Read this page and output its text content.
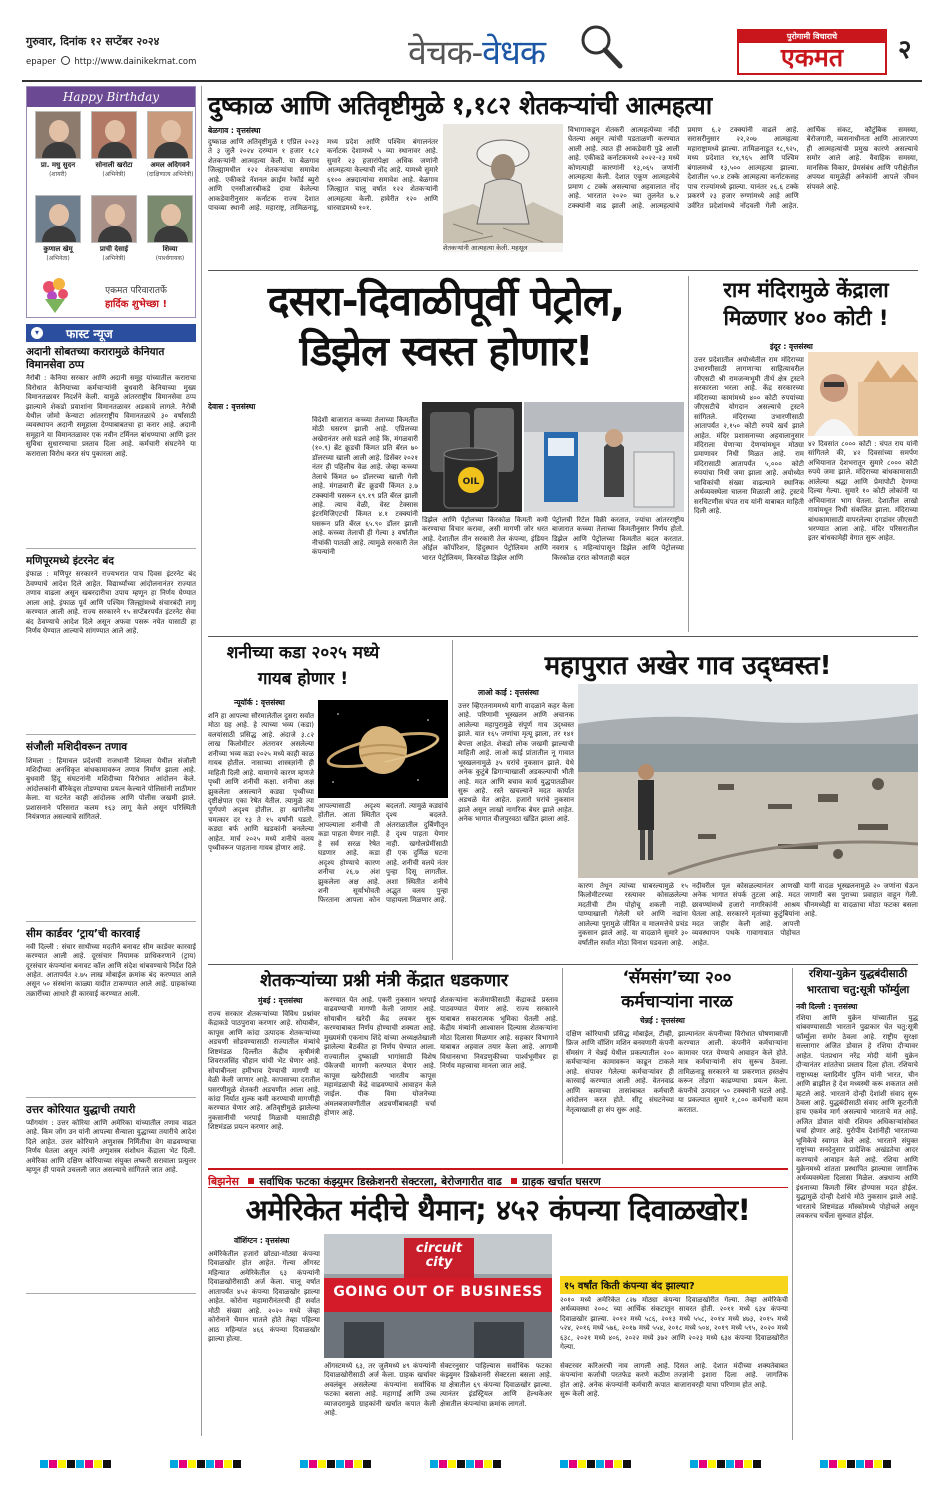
गुरुवार, दिनांक १२ सप्टेंबर २०२४
epaper http://www.dainikekmat.com	वेचक-वेधक	पुरोगामी विचाराचे
एकमत	२
Happy Birthday
प्रा. मधु सुदन
(शायरी)
सोनाली खरोटा
(अभिनेत्री)
अमल अदिगवने
(दाक्षिणात्य अभिनेत्री)
कुणाल खेमू
(अभिनेता)
प्राची देसाई
(अभिनेत्री)
शिव्या
(पार्श्वगायक)
एकमत परिवारातर्फे
हार्दिक शुभेच्छा !
▾	फास्ट न्यूज
अदानी सोबतच्या करारामुळे केनियात विमानसेवा ठप्प
नैरोबी : केनिया सरकार आणि अदानी समूह यांच्यातील कराराचा विरोधात केनियाच्या कर्मचाऱ्यांनी बुधवारी केनियाच्या मुख्य विमानतळावर निदर्शने केली. यामुळे आंतरराष्ट्रीय विमानसेवा ठप्प झाल्याने शेकडो प्रवाशांना विमानतळावर अडकावे लागले. नैरोबी येथील जोमो केन्याटा आंतरराष्ट्रीय विमानतळाचे ३० वर्षांसाठी व्यवस्थापन अदानी समूहाला देण्याबाबतचा हा करार आहे. अदानी समूहाने या विमानतळावर एक नवीन टर्मिनल बांधण्याचा आणि इतर सुविधा सुधारण्याचा प्रस्ताव दिला आहे. कर्मचारी संघटनेने या कराराला विरोध करत संप पुकारला आहे.
मणिपूरमध्ये इंटरनेट बंद
इंफाळ : मणिपूर सरकारने राज्यभरात पाच दिवस इंटरनेट बंद ठेवण्याचे आदेश दिले आहेत. विद्यार्थ्यांच्या आंदोलनानंतर राज्यात तणाव वाढला असून खबरदारीचा उपाय म्हणून हा निर्णय घेण्यात आला आहे. इंफाळ पूर्व आणि पश्चिम जिल्ह्यांमध्ये संचारबंदी लागू करण्यात आली आहे. राज्य सरकारने १५ सप्टेंबरपर्यंत इंटरनेट सेवा बंद ठेवण्याचे आदेश दिले असून अफवा पसरू नयेत यासाठी हा निर्णय घेण्यात आल्याचे सांगण्यात आले आहे.
संजौली मशिदीवरून तणाव
शिमला : हिमाचल प्रदेशची राजधानी शिमला येथील संजौली मशिदीच्या अनधिकृत बांधकामावरून तणाव निर्माण झाला आहे. बुधवारी हिंदू संघटनांनी मशिदीच्या विरोधात आंदोलन केले. आंदोलकांनी बॅरिकेड्स तोडण्याचा प्रयत्न केल्याने पोलिसांनी लाठीमार केला. या घटनेत काही आंदोलक आणि पोलीस जखमी झाले. प्रशासनाने परिसरात कलम १६३ लागू केले असून परिस्थिती नियंत्रणात असल्याचे सांगितले.
सीम कार्डवर ‘ट्राय’ची कारवाई
नवी दिल्ली : संचार साथीच्या मदतीने बनावट सीम कार्डवर कारवाई करण्यात आली आहे. दूरसंचार नियामक प्राधिकरणाने (ट्राय) दूरसंचार कंपन्यांना बनावट कॉल आणि संदेश थांबवण्याचे निर्देश दिले आहेत. आतापर्यंत २.७५ लाख मोबाईल क्रमांक बंद करण्यात आले असून ५० संस्थांना काळ्या यादीत टाकण्यात आले आहे. ग्राहकांच्या तक्रारींच्या आधारे ही कारवाई करण्यात आली.
उत्तर कोरियात युद्धाची तयारी
प्योंगयांग : उत्तर कोरिया आणि अमेरिका यांच्यातील तणाव वाढत आहे. किम जोंग उन यांनी आपल्या सैन्याला युद्धाच्या तयारीचे आदेश दिले आहेत. उत्तर कोरियाने अणुशस्त्र निर्मितीचा वेग वाढवण्याचा निर्णय घेतला असून त्यांनी अणुशस्त्र संशोधन केंद्राला भेट दिली. अमेरिका आणि दक्षिण कोरियाच्या संयुक्त लष्करी सरावाला प्रत्युत्तर म्हणून ही पावले उचलली जात असल्याचे सांगितले जात आहे.
दुष्काळ आणि अतिवृष्टीमुळे १,१८२ शेतकऱ्यांची आत्महत्या
बेळगाव : वृत्तसंस्था
दुष्काळ आणि अतिवृष्टीमुळे १ एप्रिल २०२३ ते ३ जुलै २०२४ दरम्यान १ हजार १८२ शेतकऱ्यांनी आत्महत्या केली. या बेळगाव जिल्ह्यामधील १२२ शेतकऱ्यांचा समावेश आहे. एकीकडे नॅशनल क्राईम रेकॉर्ड ब्युरो आणि एनसीआरबीकडे दावा केलेल्या आकडेवारीनुसार कर्नाटक राज्य देशात पाचव्या स्थानी आहे. महाराष्ट्र, तामिळनाडू, मध्य प्रदेश आणि पश्चिम बंगालनंतर कर्नाटक देशामध्ये ५ व्या स्थानावर आहे. सुमारे २३ हजारांपेक्षा अधिक जणांनी आत्महत्या केल्याची नोंद आहे. यामध्ये सुमारे ६१०० अन्नदात्यांचा समावेश आहे. बेळगाव जिल्ह्यात चालू वर्षात १२२ शेतकऱ्यांनी आत्महत्या केली. हावेरीत १२० आणि धारवाडमध्ये १०१.
शेतकऱ्यांनी आत्महत्या केली. महसूल
विभागाकडून शेतकरी आत्महत्येच्या नोंदी घेतल्या असून त्यांची पडताळणी करण्यात आली आहे. त्यात ही आकडेवारी पुढे आली आहे. एकीकडे कर्नाटकमध्ये २०२२-२३ मध्ये कोणत्याही कारणांनी १३,०६५ जणांनी आत्महत्या केली. देशात एकूण आत्महत्येचे प्रमाण ८ टक्के असल्याचा अहवालात नोंद आहे. भारतात २०२० च्या तुलनेत ७.२ टक्क्यांनी वाढ झाली आहे. आत्महत्यांचे प्रमाण ६.२ टक्क्यांनी वाढले आहे. सरासरीनुसार २२,२०७ आत्महत्या महाराष्ट्रामध्ये झाल्या. तामिळनाडूत १८,९२५, मध्य प्रदेशात १४,९६५ आणि पश्चिम बंगालमध्ये १३,५०० आत्महत्या झाल्या. देशातील ५०.४ टक्के आत्महत्या कर्नाटकसह पाच राज्यांमध्ये झाल्या. यानंतर २६.६ टक्के प्रकरणे २३ हजार रुग्णांमध्ये आहे आणि उर्वरित प्रदेशांमध्ये नोंदवली गेली आहेत. आर्थिक संकट, कौटुंबिक समस्या, बेरोजगारी, व्यसनाधीनता आणि आजारपण ही आत्महत्यांची प्रमुख कारणे असल्याचे समोर आले आहे. वैवाहिक समस्या, मानसिक विकार, प्रेमसंबंध आणि परीक्षेतील अपयश यामुळेही अनेकांनी आपले जीवन संपवले आहे.
दसरा-दिवाळीपूर्वी पेट्रोल,
डिझेल स्वस्त होणार!
देवास : वृत्तसंस्था
विदेशी बाजारात कच्च्या तेलाच्या किमतीत मोठी घसरण झाली आहे. एप्रिलच्या अखेरानंतर असे घडले आहे कि, मंगळवारी (१०.९) ब्रेंट क्रूडची किंमत प्रति बॅरल ७० डॉलरच्या खाली आली आहे. डिसेंबर २०२१ नंतर ही पहिलीच वेळ आहे. जेव्हा कच्च्या तेलाचे किंमत ७० डॉलरच्या खाली गेली आहे. मंगळवारी ब्रेंट क्रूडची किंमत ३.७ टक्क्यांनी घसरून ६९.१९ प्रति बॅरल झाली आहे. त्याच वेळी, वेस्ट टेक्सास इंटरमिजिएटची किंमत ४.१ टक्क्यांनी घसरून प्रति बॅरल ६५.९० डॉलर झाली आहे. कच्च्या तेलाची ही गेल्या ३ वर्षांतील नीचांकी पातळी आहे. त्यामुळे सरकारी तेल कंपन्यांनी
OIL
डिझेल आणि पेट्रोलच्या किरकोळ किमती कमी करण्याचा विचार करावा, असी मागणी जोर धरत आहे. देशातील तीन सरकारी तेल कंपन्या, इंडियन ऑईल कॉर्पोरेशन, हिंदुस्थान पेट्रोलियम आणि भारत पेट्रोलियम, किरकोळ डिझेल आणि
पेट्रोलची रिटेल विक्री करतात, ज्यांचा आंतरराष्ट्रीय बाजारात कच्च्या तेलाच्या किमतीनुसार निर्णय होतो. डिझेल आणि पेट्रोलच्या किमतीत बदल करतात. नवरात्र ६ महिन्यांपासून डिझेल आणि पेट्रोलच्या किरकोळ दरात कोणताही बदल
राम मंदिरामुळे केंद्राला
मिळणार ४०० कोटी !
इंदूर : वृत्तसंस्था
उत्तर प्रदेशातील अयोध्येतील राम मंदिराच्या उभारणीसाठी लागणाऱ्या साहित्यावरील जीएसटी श्री रामजन्मभूमी तीर्थ क्षेत्र ट्रस्टने सरकारला भरला आहे. केंद्र सरकारच्या मंदिराच्या कामांमध्ये ४०० कोटी रुपयांच्या जीएसटीचे योगदान असल्याचे ट्रस्टने सांगितले. मंदिराच्या उभारणीसाठी आतापर्यंत २,१५० कोटी रुपये खर्च झाले आहेत. मंदिर प्रशासनाच्या अहवालानुसार मंदिराला येणाऱ्या देणग्यांमधून मोठ्या प्रमाणावर निधी मिळत आहे. राम मंदिरासाठी आतापर्यंत ५,००० कोटी रुपयांचा निधी जमा झाला आहे. अयोध्येत भाविकांची संख्या वाढल्याने स्थानिक अर्थव्यवस्थेला चालना मिळाली आहे. ट्रस्टचे सरचिटणीस चंपत राय यांनी याबाबत माहिती दिली आहे.
४२ दिवसांत ८००० कोटी : चंपत राय यांनी सांगितले की, ४२ दिवसांच्या समर्पण अभियानात देशभरातून सुमारे ८००० कोटी रुपये जमा झाले. मंदिराच्या बांधकामासाठी आलेल्या श्रद्धा आणि प्रेमापोटी देणग्या दिल्या गेल्या. सुमारे १० कोटी लोकांनी या अभियानात भाग घेतला. देशातील लाखो गावांमधून निधी संकलित झाला. मंदिराच्या बांधकामासाठी वापरलेल्या दगडांवर जीएसटी भरण्यात आला आहे. मंदिर परिसरातील इतर बांधकामेही वेगात सुरू आहेत.
शनीच्या कडा २०२५ मध्ये
गायब होणार !
न्यूयॉर्क : वृत्तसंस्था
शनि हा आपल्या सौरमालेतील दुसरा सर्वात मोठा ग्रह आहे. हे त्याच्या भव्य (कडा) वलयांसाठी प्रसिद्ध आहे. अंदाजे ३.८२ लाख किलोमीटर अंतरावर असलेल्या शनीच्या भव्य कडा २०२५ मध्ये काही काळ गायब होतील. नासाच्या शास्त्रज्ञांनी ही माहिती दिली आहे. यामागचे कारण म्हणजे पृथ्वी आणि शनीची कक्षा. शनीचा अक्ष झुकलेला असल्याने कड्या पृथ्वीच्या दृष्टीक्षेपात एका रेषेत येतील. त्यामुळे त्या पूर्णपणे अदृश्य होतील. हा खगोलीय चमत्कार दर १३ ते १५ वर्षांनी घडतो. कड्या बर्फ आणि खडकांनी बनलेल्या आहेत. मार्च २०२५ मध्ये शनीचे वलय पृथ्वीवरून पाहताना गायब होणार आहे.
आपल्यासाठी अदृश्य होतील. आता स्थितीत आपल्याला शनीची ती कडा पाहता येणार नाही. हे सर्व सरळ रेषेत घडणार आहे. कडा अदृश्य होण्याचे कारण शनीचा २६.७ अंश झुकलेला अक्ष आहे. शनी सूर्याभोवती फिरताना आपला कोन बदलतो. त्यामुळे कड्यांचे दृश्य बदलते. अंतराळातील दुर्बिणीतून हे दृश्य पाहता येणार नाही. खगोलप्रेमींसाठी ही एक दुर्मिळ घटना आहे. शनीची वलये नंतर पुन्हा दिसू लागतील. अशा स्थितीत शनीचे अद्भुत वलय पुन्हा पाहायला मिळणार आहे.
महापुरात अखेर गाव उद्‌ध्वस्त!
लाओ काई : वृत्तसंस्था
उत्तर व्हिएतनाममध्ये यागी वादळाने कहर केला आहे. परिणामी भूस्खलन आणि अचानक आलेल्या महापुरामुळे संपूर्ण गाव उद्ध्वस्त झाले. यात १६५ जणांचा मृत्यू झाला, तर १४१ बेपत्ता आहेत. शेकडो लोक जखमी झाल्याची माहिती आहे. लाओ काई प्रांतातील नू गावात भूस्खलनामुळे ३५ घरांचे नुकसान झाले. येथे अनेक कुटुंबे ढिगाऱ्याखाली अडकल्याची भीती आहे. मदत आणि बचाव कार्य युद्धपातळीवर सुरू आहे. रस्ते खचल्याने मदत कार्यात अडथळे येत आहेत. हजारो घरांचे नुकसान झाले असून लाखो नागरिक बेघर झाले आहेत. अनेक भागात वीजपुरवठा खंडित झाला आहे.
कारण तेथून त्यांच्या घाबरल्यामुळे १५ किलोमीटरच्या रस्त्यावर कोसळलेल्या मदतीची टीम पोहोचू शकली नाही. पाण्याखाली गेलेली घरे आणि नद्यांना आलेल्या पुरामुळे जीवित व मालमत्तेचे प्रचंड नुकसान झाले आहे. या वादळाने सुमारे ३० वर्षांतील सर्वात मोठा विनाश घडवला आहे.
नदीवरील पूल कोसळल्यानंतर आणखी अनेक भागात संपर्क तुटला आहे. मदत छावण्यांमध्ये हजारो नागरिकांनी आश्रय घेतला आहे. सरकारने मृतांच्या कुटुंबियांना मदत जाहीर केली आहे. आपत्ती व्यवस्थापन पथके गावागावात पोहोचत आहेत.
यागी वादळ भूस्खलनामुळे २० जणांना घेऊन जाणारी बस पुराच्या प्रवाहात वाहून गेली. चीनमध्येही या वादळाचा मोठा फटका बसला आहे.
शेतकऱ्यांच्या प्रश्नी मंत्री केंद्रात धडकणार
मुंबई : वृत्तसंस्था
राज्य सरकार शेतकऱ्यांच्या विविध प्रश्नांवर केंद्राकडे पाठपुरावा करणार आहे. सोयाबीन, कापूस आणि कांदा उत्पादक शेतकऱ्यांच्या अडचणी सोडवण्यासाठी राज्यातील मंत्र्यांचे शिष्टमंडळ दिल्लीत केंद्रीय कृषीमंत्री शिवराजसिंह चौहान यांची भेट घेणार आहे. सोयाबीनला हमीभाव देण्याची मागणी या वेळी केली जाणार आहे. कापसाच्या दरातील घसरणीमुळे शेतकरी अडचणीत आला आहे. कांदा निर्यात शुल्क कमी करण्याची मागणीही करण्यात येणार आहे. अतिवृष्टीमुळे झालेल्या नुकसानीची भरपाई मिळावी यासाठीही शिष्टमंडळ प्रयत्न करणार आहे.
करण्यात येत आहे. एकरी नुकसान भरपाई वाढवण्याची मागणी केली जाणार आहे. सोयाबीन खरेदी केंद्र लवकर सुरू करण्याबाबत निर्णय होण्याची शक्यता आहे. मुख्यमंत्री एकनाथ शिंदे यांच्या अध्यक्षतेखाली झालेल्या बैठकीत हा निर्णय घेण्यात आला. राज्यातील दुष्काळी भागांसाठी विशेष पॅकेजची मागणी करण्यात येणार आहे. कापूस खरेदीसाठी भारतीय कापूस महामंडळाची केंद्रे वाढवण्याचे आवाहन केले जाईल. पीक विमा योजनेच्या अंमलबजावणीतील अडचणींबाबतही चर्चा होणार आहे.
शेतकऱ्यांना कर्जमाफीसाठी केंद्राकडे प्रस्ताव पाठवण्यात येणार आहे. राज्य सरकारने याबाबत सकारात्मक भूमिका घेतली आहे. केंद्रीय मंत्र्यांनी आश्वासन दिल्यास शेतकऱ्यांना मोठा दिलासा मिळणार आहे. सहकार विभागाने याबाबत अहवाल तयार केला आहे. आगामी विधानसभा निवडणुकीच्या पार्श्वभूमीवर हा निर्णय महत्त्वाचा मानला जात आहे.
‘सॅमसंग’च्या २००
कर्मचाऱ्यांना नारळ
चेन्नई : वृत्तसंस्था
दक्षिण कोरियाची प्रसिद्ध मोबाईल, टीव्ही, फ्रिज आणि वॉशिंग मशिन बनवणारी कंपनी सॅमसंग ने चेन्नई येथील प्रकल्पातील २०० कर्मचाऱ्यांना कामावरून काढून टाकले आहे. संपावर गेलेल्या कर्मचाऱ्यांवर ही कारवाई करण्यात आली आहे. वेतनवाढ आणि कामाच्या तासांबाबत कर्मचारी आंदोलन करत होते. सीटू संघटनेच्या नेतृत्वाखाली हा संप सुरू आहे.
झाल्यानंतर कंपनीच्या विरोधात घोषणाबाजी करण्यात आली. कंपनीने कर्मचाऱ्यांना कामावर परत येण्याचे आवाहन केले होते. मात्र कर्मचाऱ्यांनी संप सुरूच ठेवला. तामिळनाडू सरकारने या प्रकरणात हस्तक्षेप करून तोडगा काढण्याचा प्रयत्न केला. कंपनीचे उत्पादन ५० टक्क्यांनी घटले आहे. या प्रकल्पात सुमारे १,८०० कर्मचारी काम करतात.
रशिया-युक्रेन युद्धबंदीसाठी
भारताचा चतु:सूत्री फॉर्म्युला
नवी दिल्ली : वृत्तसंस्था
रशिया आणि युक्रेन यांच्यातील युद्ध थांबवण्यासाठी भारताने पुढाकार घेत चतु:सूत्री फॉर्म्युला समोर ठेवला आहे. राष्ट्रीय सुरक्षा सल्लागार अजित डोवाल हे रशिया दौऱ्यावर आहेत. पंतप्रधान नरेंद्र मोदी यांनी युक्रेन दौऱ्यानंतर शांततेचा प्रस्ताव दिला होता. रशियाचे राष्ट्राध्यक्ष व्लादिमीर पुतिन यांनी भारत, चीन आणि ब्राझील हे देश मध्यस्थी करू शकतात असे म्हटले आहे. भारताने दोन्ही देशांशी संवाद सुरू ठेवला आहे. युद्धबंदीसाठी संवाद आणि कूटनीती हाच एकमेव मार्ग असल्याचे भारताचे मत आहे. अजित डोवाल यांची रशियन अधिकाऱ्यांसोबत चर्चा होणार आहे. युरोपीय देशांनीही भारताच्या भूमिकेचे स्वागत केले आहे. भारताने संयुक्त राष्ट्रांच्या सनदेनुसार प्रादेशिक अखंडतेचा आदर करण्याचे आवाहन केले आहे. रशिया आणि युक्रेनमध्ये शांतता प्रस्थापित झाल्यास जागतिक अर्थव्यवस्थेला दिलासा मिळेल. अन्नधान्य आणि इंधनाच्या किमती स्थिर होण्यास मदत होईल. युद्धामुळे दोन्ही देशांचे मोठे नुकसान झाले आहे. भारताचे शिष्टमंडळ मॉस्कोमध्ये पोहोचले असून लवकरच चर्चेला सुरुवात होईल.
बिझनेस सर्वाधिक फटका कंझ्युमर डिस्क्रेशनरी सेक्टरला, बेरोजगारीत वाढ ग्राहक खर्चात घसरण
अमेरिकेत मंदीचे थैमान; ४५२ कंपन्या दिवाळखोर!
वॉशिंग्टन : वृत्तसंस्था
अमेरिकेतील हजारो छोट्या-मोठ्या कंपन्या दिवाळखोर होत आहेत. गेल्या ऑगस्ट महिन्यात अमेरिकेतील ६३ कंपन्यांनी दिवाळखोरीसाठी अर्ज केला. चालू वर्षात आतापर्यंत ४५२ कंपन्या दिवाळखोर झाल्या आहेत. कोरोना महामारीनंतरची ही सर्वात मोठी संख्या आहे. २०२० मध्ये जेव्हा कोरोनाने थैमान घातले होते तेव्हा पहिल्या आठ महिन्यांत ४६६ कंपन्या दिवाळखोर झाल्या होत्या.
circuit city
GOING OUT OF BUSINESS
ऑगस्टमध्ये ६३, तर जुलैमध्ये ४९ कंपन्यांनी दिवाळखोरीसाठी अर्ज केला. ग्राहक खर्चावर अवलंबून असलेल्या कंपन्यांना सर्वाधिक फटका बसला आहे. महागाई आणि उच्च व्याजदरामुळे ग्राहकांनी खर्चात कपात केली आहे.
सेक्टरनुसार पाहिल्यास सर्वाधिक फटका कंझ्युमर डिस्क्रेशनरी सेक्टरला बसला आहे. या क्षेत्रातील ६९ कंपन्या दिवाळखोर झाल्या. त्यानंतर इंडस्ट्रियल आणि हेल्थकेअर क्षेत्रातील कंपन्यांचा क्रमांक लागतो.
१५ वर्षांत किती कंपन्या बंद झाल्या?
२०१० मध्ये अमेरिकेत ८२७ मोठ्या कंपन्या दिवाळखोरीत गेल्या. तेव्हा अमेरिकेची अर्थव्यवस्था २००८ च्या आर्थिक संकटातून सावरत होती. २०११ मध्ये ६३४ कंपन्या दिवाळखोर झाल्या. २०१२ मध्ये ५८६, २०१३ मध्ये ५५८, २०१४ मध्ये ४७३, २०१५ मध्ये ५२४, २०१६ मध्ये ५७६, २०१७ मध्ये ५५४, २०१८ मध्ये ५०४, २०१९ मध्ये ५९५, २०२० मध्ये ६३८, २०२१ मध्ये ४०६, २०२२ मध्ये ३७२ आणि २०२३ मध्ये ६३४ कंपन्या दिवाळखोरीत गेल्या.
सेक्टरवर करिअरची नाव लागली आहे. कंपन्यांना कर्जाची परतफेड करणे कठीण होत आहे. अनेक कंपन्यांनी कर्मचारी कपात सुरू केली आहे.
दिसत आहे. देशात मंदीच्या शक्यतेबाबत तज्ज्ञांनी इशारा दिला आहे. जागतिक बाजारावरही याचा परिणाम होत आहे.
